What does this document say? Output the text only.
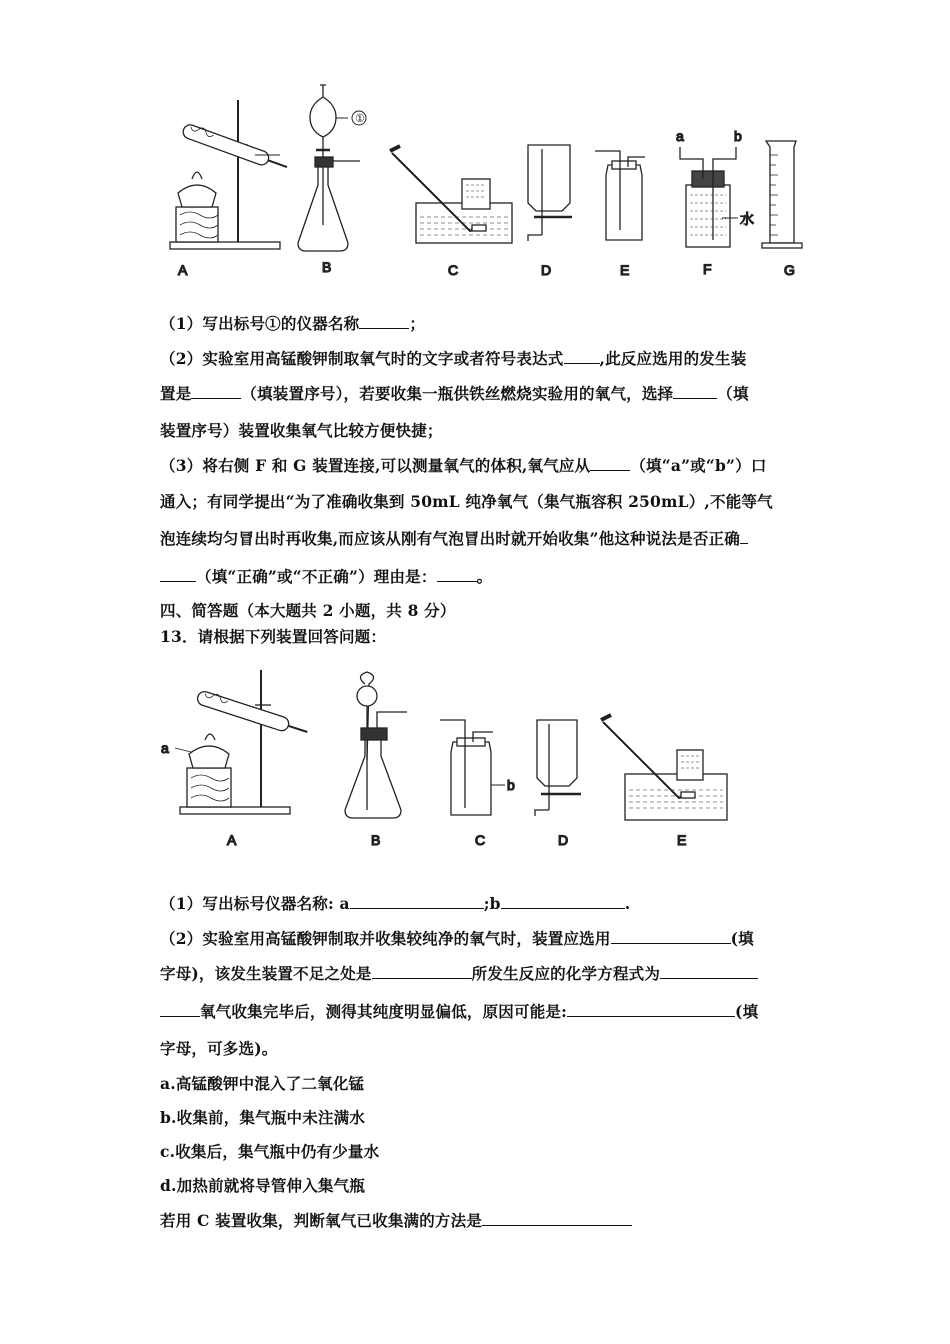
A	B
①
C	D	E
a	b
水
F	G
（1）写出标号①的仪器名称	；
（2）实验室用高锰酸钾制取氧气时的文字或者符号表达式 ,此反应选用的发生装
置是	（填装置序号），若要收集一瓶供铁丝燃烧实验用的氧气，选择	（填
装置序号）装置收集氧气比较方便快捷；
（3）将右侧 F 和 G 装置连接,可以测量氧气的体积,氧气应从	（填“a”或“b”）口
通入；有同学提出“为了准确收集到 50mL 纯净氧气（集气瓶容积 250mL）,不能等气
泡连续均匀冒出时再收集,而应该从刚有气泡冒出时就开始收集”他这种说法是否正确
（填“正确”或“不正确”）理由是：	。
四、简答题（本大题共 2 小题，共 8 分）
13．请根据下列装置回答问题：
a
A	B
b
C	D	E
（1）写出标号仪器名称: a	;b	.
（2）实验室用高锰酸钾制取并收集较纯净的氧气时，装置应选用	(填
字母)，该发生装置不足之处是	所发生反应的化学方程式为
氧气收集完毕后，测得其纯度明显偏低，原因可能是:	(填
字母，可多选)。
a.高锰酸钾中混入了二氧化锰
b.收集前，集气瓶中未注满水
c.收集后，集气瓶中仍有少量水
d.加热前就将导管伸入集气瓶
若用 C 装置收集，判断氧气已收集满的方法是
